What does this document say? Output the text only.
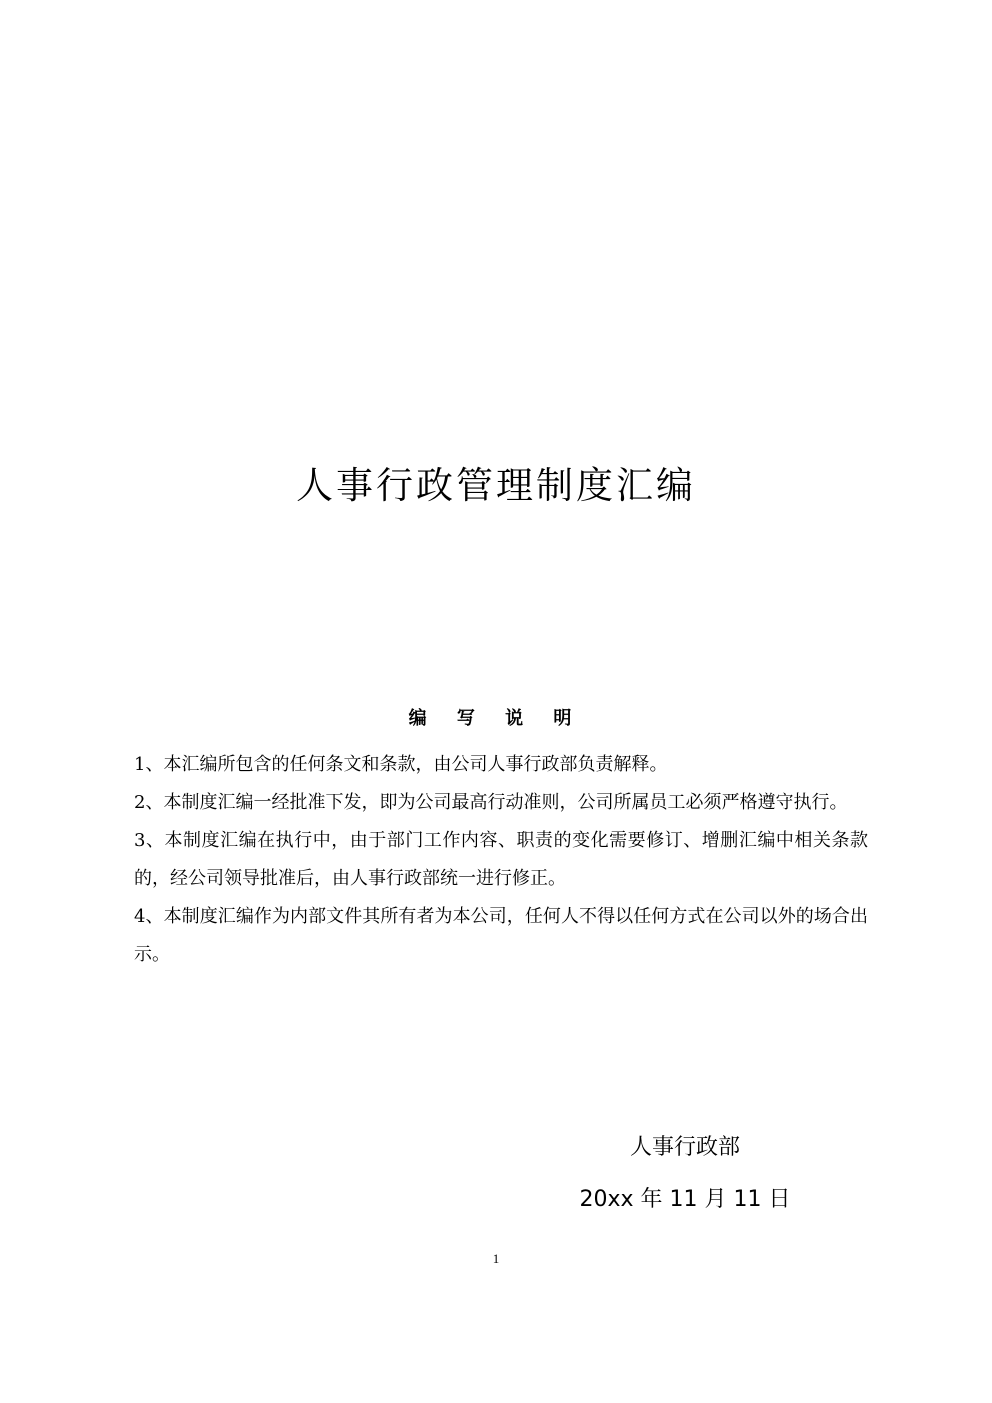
人事行政管理制度汇编
编 写 说 明

1、本汇编所包含的任何条文和条款，由公司人事行政部负责解释。

2、本制度汇编一经批准下发，即为公司最高行动准则，公司所属员工必须严格遵守执行。

3、本制度汇编在执行中，由于部门工作内容、职责的变化需要修订、增删汇编中相关条款的，经公司领导批准后，由人事行政部统一进行修正。

4、本制度汇编作为内部文件其所有者为本公司，任何人不得以任何方式在公司以外的场合出示。

人事行政部
20xx 年 11 月 11 日
1
